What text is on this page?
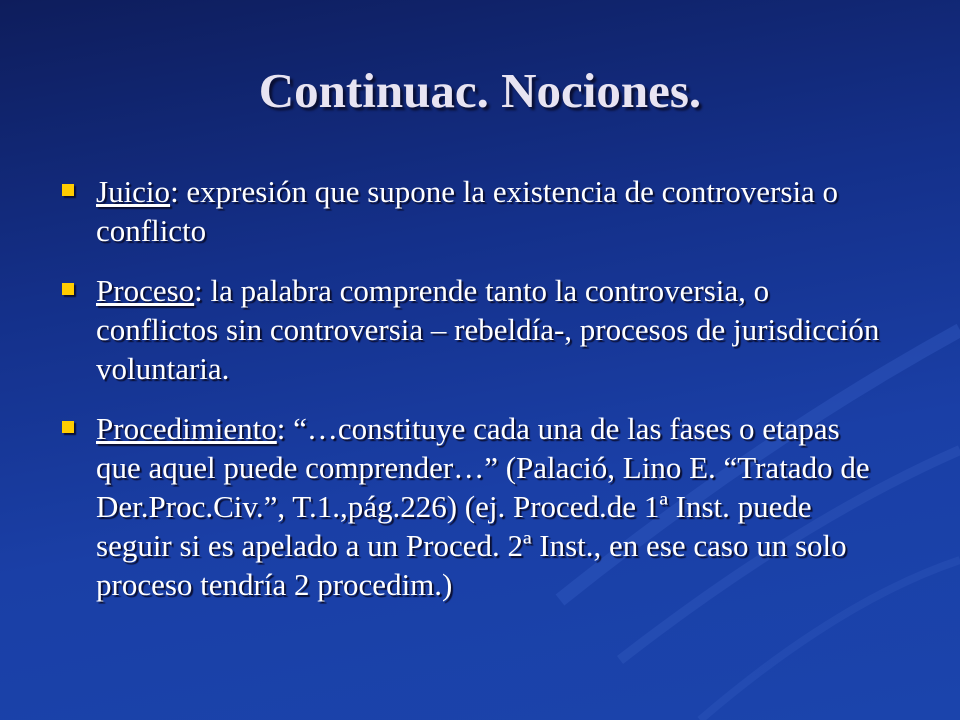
Continuac. Nociones.
Juicio: expresión que supone la existencia de controversia o conflicto
Proceso: la palabra comprende tanto la controversia, o conflictos sin controversia – rebeldía-, procesos de jurisdicción voluntaria.
Procedimiento: “…constituye cada una de las fases o etapas que aquel puede comprender…” (Palació, Lino E. “Tratado de Der.Proc.Civ.”, T.1.,pág.226) (ej. Proced.de 1ª Inst. puede seguir si es apelado a un Proced. 2ª Inst., en ese caso un solo proceso tendría 2 procedim.)
